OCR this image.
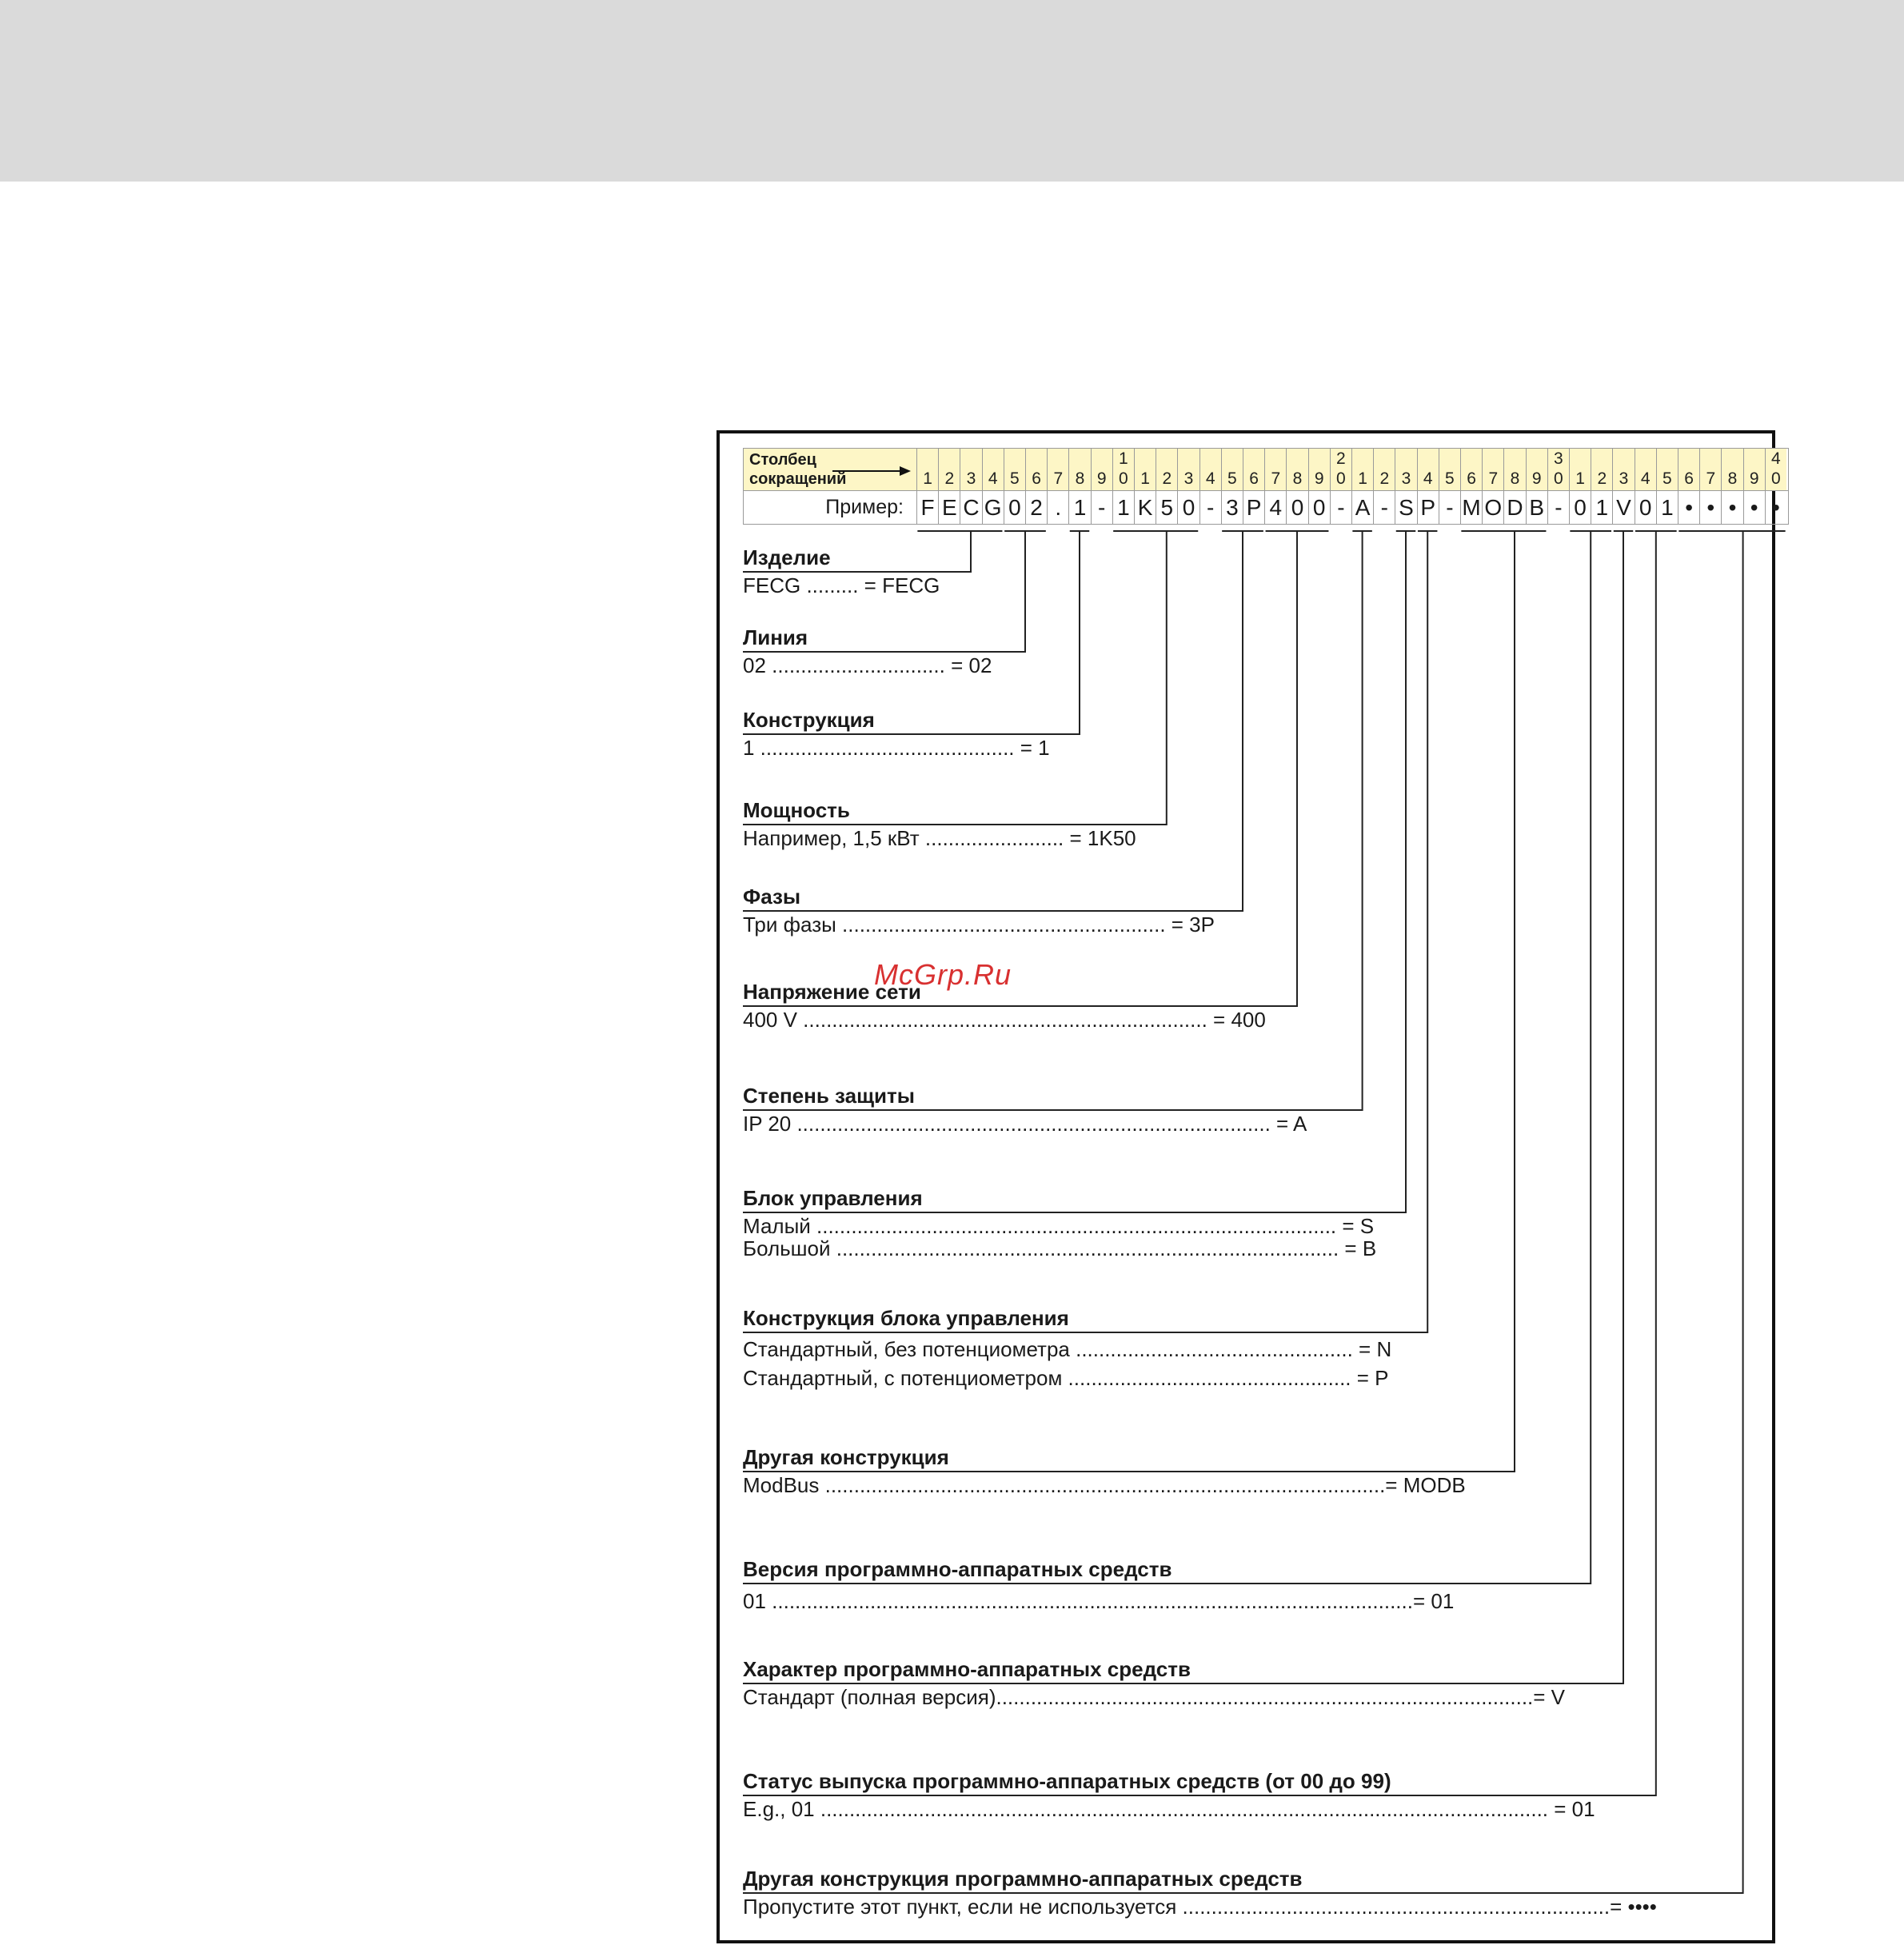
Столбец
сокращений
Пример:
1
F
2
E
3
C
4
G
5
0
6
2
7
.
8
1
9
-
1
0
1
1
K
2
5
3
0
4
-
5
3
6
P
7
4
8
0
9
0
2
0
-
1
A
2
-
3
S
4
P
5
-
6
M
7
O
8
D
9
B
3
0
-
1
0
2
1
3
V
4
0
5
1
6
•
7
•
8
•
9
•
4
0
•
Изделие
FECG ......... = FECG
Линия
02 .............................. = 02
Конструкция
1 ............................................ = 1
Мощность
Например, 1,5 кВт ........................ = 1K50
Фазы
Три фазы ........................................................ = 3P
Напряжение сети
400 V ...................................................................... = 400
Степень защиты
IP 20 .................................................................................. = A
Блок управления
Малый .......................................................................................... = S
Большой ....................................................................................... = B
Конструкция блока управления
Стандартный, без потенциометра ................................................ = N
Стандартный, с потенциометром ................................................. = P
Другая конструкция
ModBus .................................................................................................= MODB
Версия программно-аппаратных средств
01 ...............................................................................................................= 01
Характер программно-аппаратных средств
Стандарт (полная версия).............................................................................................= V
Статус выпуска программно-аппаратных средств (от 00 до 99)
E.g., 01 .............................................................................................................................. = 01
Другая конструкция программно-аппаратных средств
Пропустите этот пункт, если не используется ..........................................................................= ••••
McGrp.Ru
